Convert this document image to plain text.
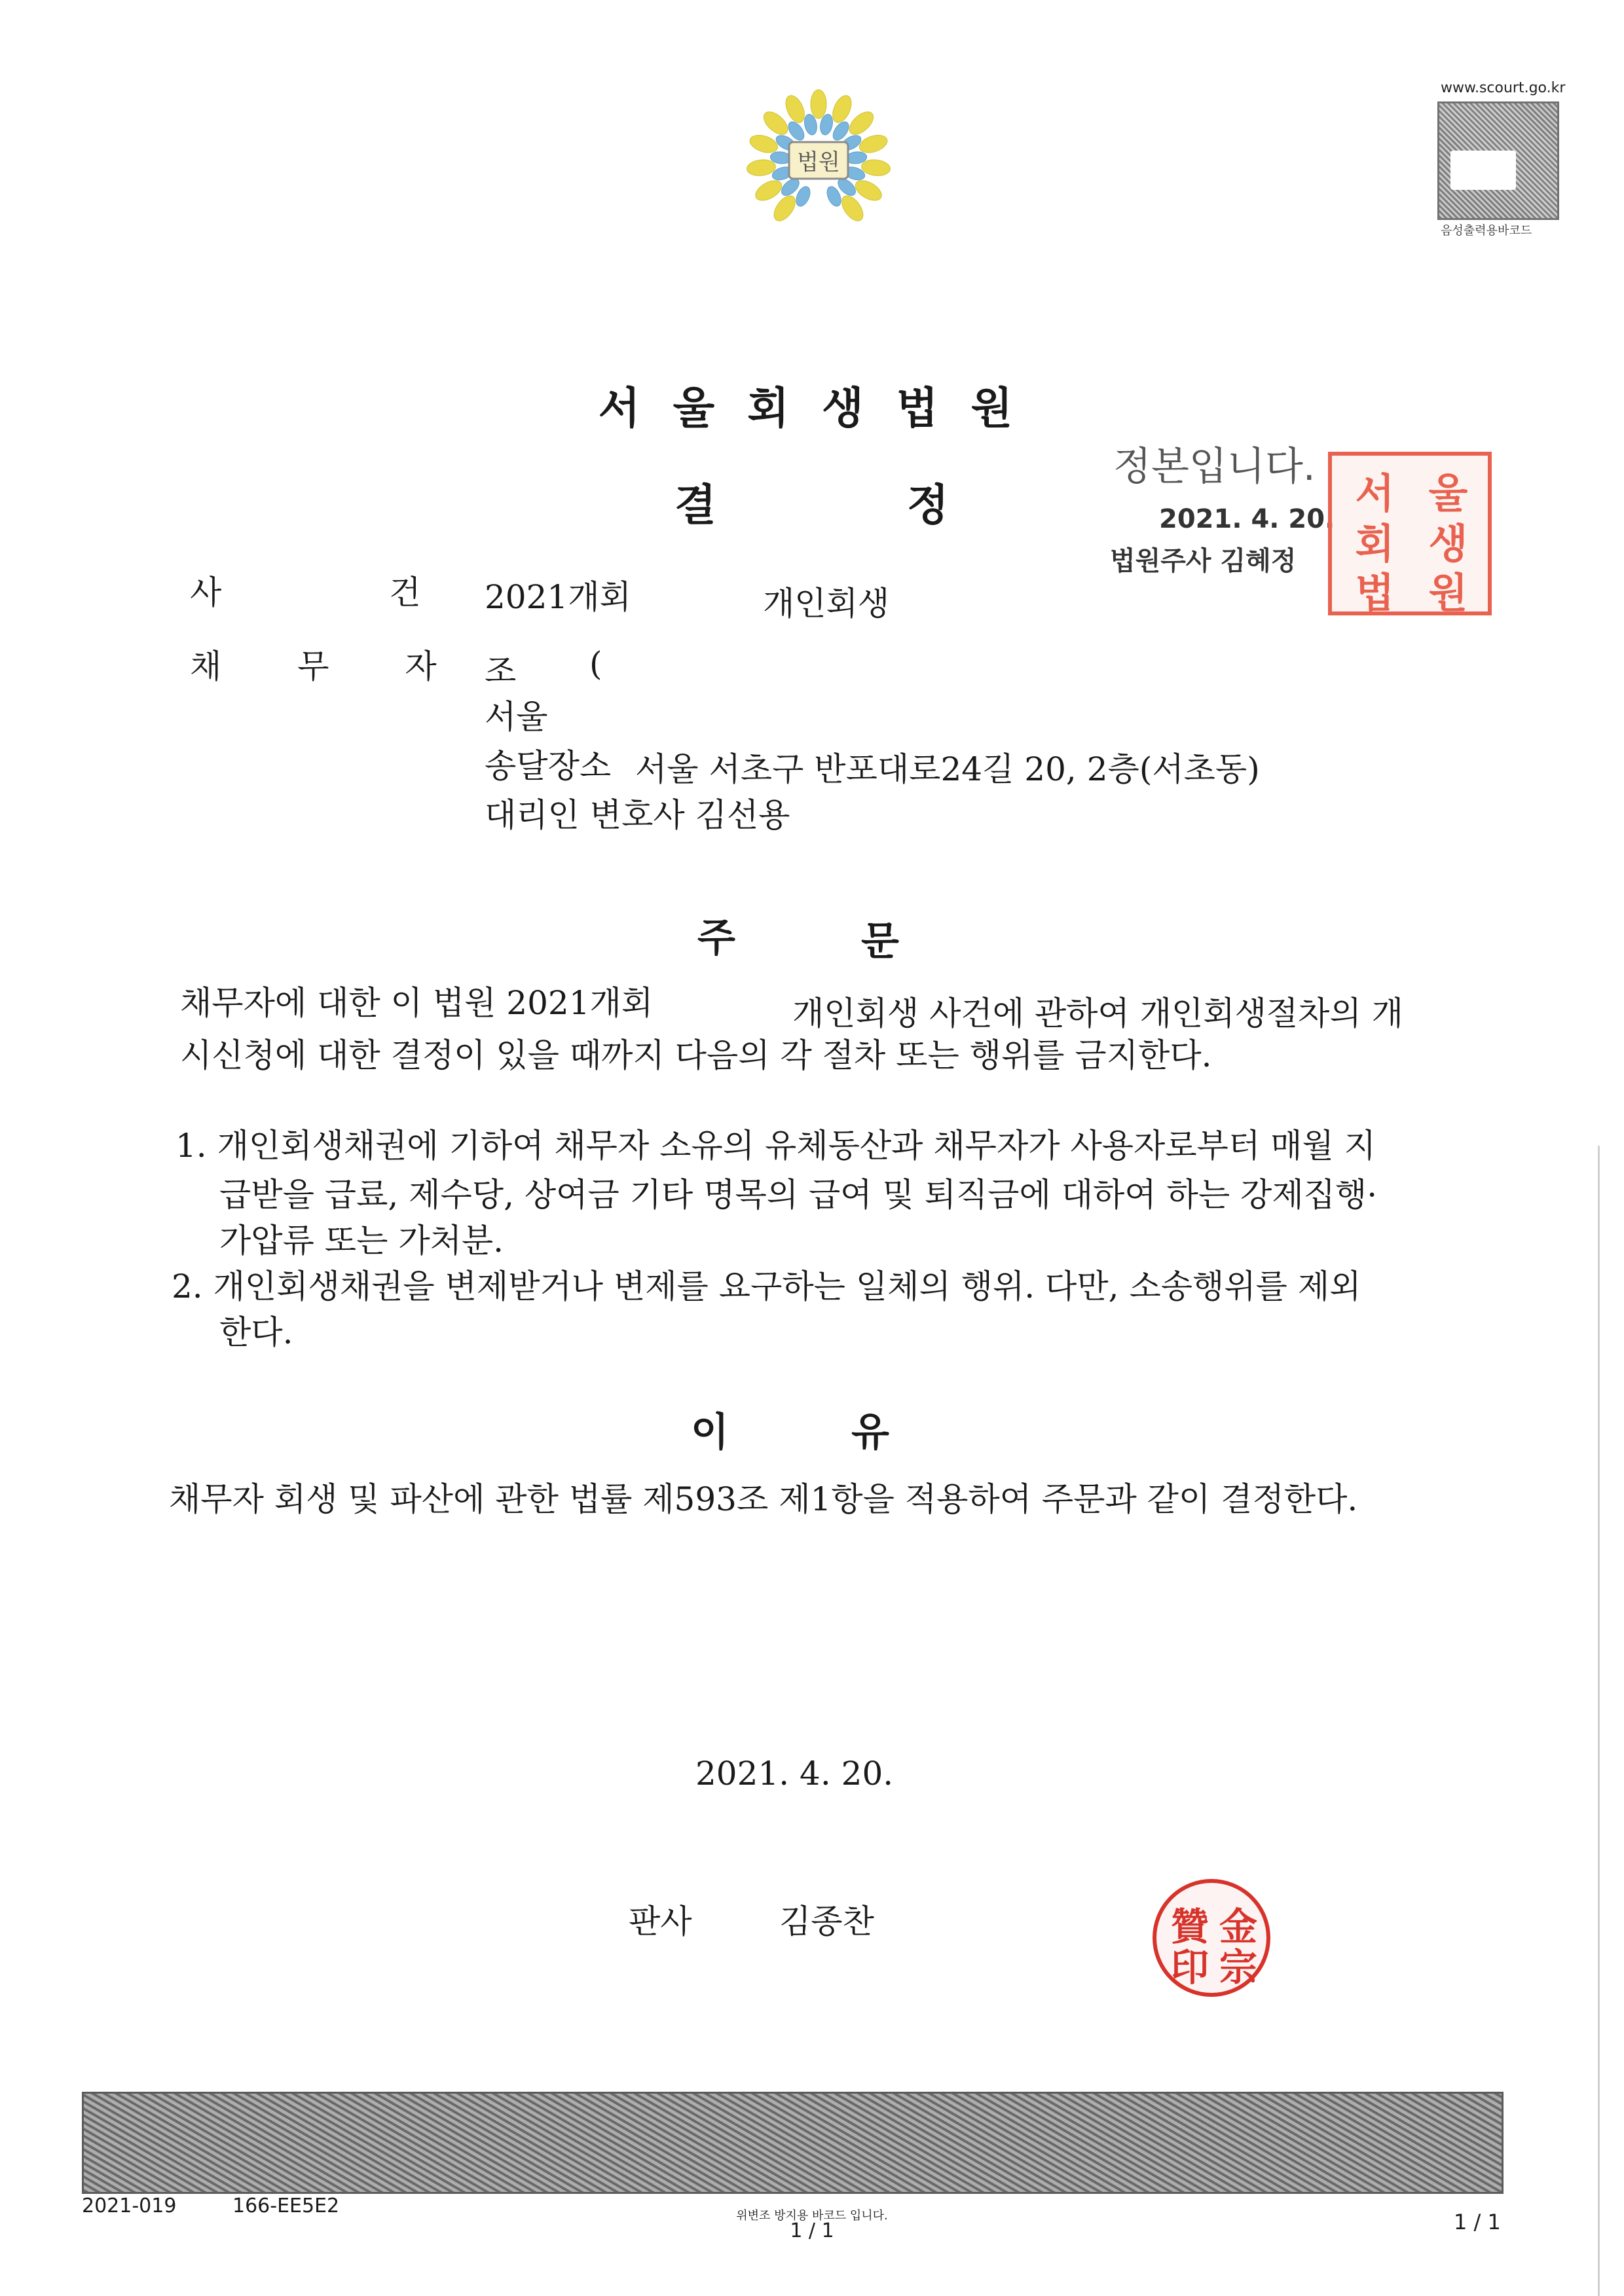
법원
www.scourt.go.kr
음성출력용바코드
서울회생법원
결	정
정본입니다.
2021. 4. 20.
법원주사 김혜정
서 울
회 생
법 원
사 건
2021개회	개인회생
채 무 자 조 (
서울
송달장소 서울 서초구 반포대로24길 20, 2층(서초동)
대리인 변호사 김선용
주	문
채무자에 대한 이 법원 2021개회	개인회생 사건에 관하여 개인회생절차의 개
시신청에 대한 결정이 있을 때까지 다음의 각 절차 또는 행위를 금지한다.
1. 개인회생채권에 기하여 채무자 소유의 유체동산과 채무자가 사용자로부터 매월 지
급받을 급료, 제수당, 상여금 기타 명목의 급여 및 퇴직금에 대하여 하는 강제집행·
가압류 또는 가처분.
2. 개인회생채권을 변제받거나 변제를 요구하는 일체의 행위. 다만, 소송행위를 제외
한다.
이	유
채무자 회생 및 파산에 관한 법률 제593조 제1항을 적용하여 주문과 같이 결정한다.
2021. 4. 20.
판사	김종찬	金
宗
贊
印
2021-019	166-EE5E2	위변조 방지용 바코드 입니다.
1 / 1	1 / 1
